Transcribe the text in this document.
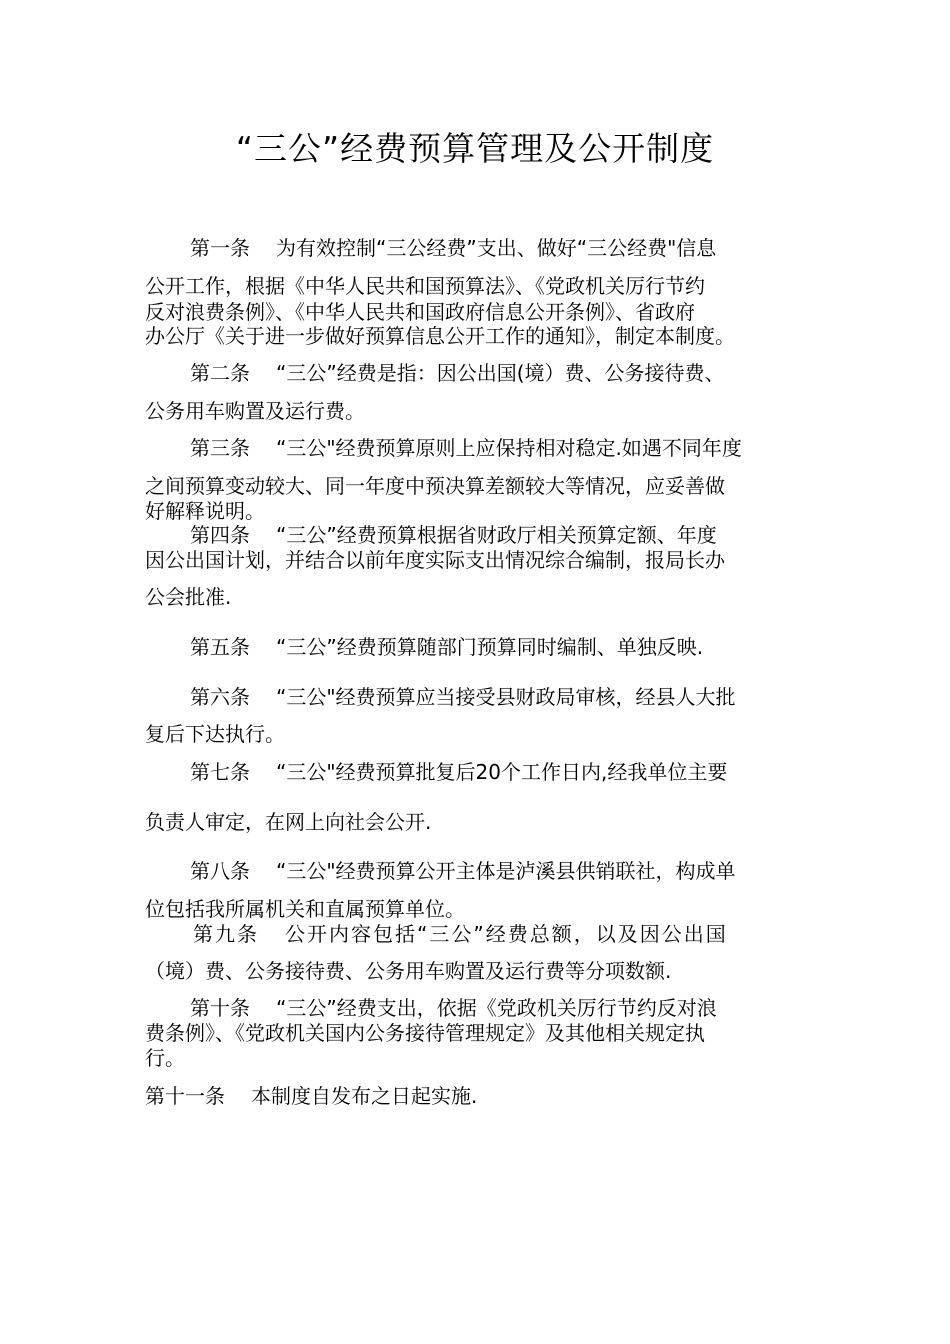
“三公”经费预算管理及公开制度
第一条 为有效控制“三公经费”支出、做好“三公经费"信息
公开工作，根据《中华人民共和国预算法》、《党政机关厉行节约
反对浪费条例》、《中华人民共和国政府信息公开条例》、省政府
办公厅《关于进一步做好预算信息公开工作的通知》，制定本制度。
第二条 “三公”经费是指：因公出国(境）费、公务接待费、
公务用车购置及运行费。
第三条 “三公"经费预算原则上应保持相对稳定.如遇不同年度
之间预算变动较大、同一年度中预决算差额较大等情况，应妥善做
好解释说明。
第四条 “三公”经费预算根据省财政厅相关预算定额、年度
因公出国计划，并结合以前年度实际支出情况综合编制，报局长办
公会批准.
第五条 “三公”经费预算随部门预算同时编制、单独反映.
第六条 “三公"经费预算应当接受县财政局审核，经县人大批
复后下达执行。
第七条 “三公"经费预算批复后20个工作日内,经我单位主要
负责人审定，在网上向社会公开.
第八条 “三公"经费预算公开主体是泸溪县供销联社，构成单
位包括我所属机关和直属预算单位。
第九条 公开内容包括“三公”经费总额，以及因公出国
（境）费、公务接待费、公务用车购置及运行费等分项数额.
第十条 “三公”经费支出，依据《党政机关厉行节约反对浪
费条例》、《党政机关国内公务接待管理规定》及其他相关规定执
行。
第十一条 本制度自发布之日起实施.
